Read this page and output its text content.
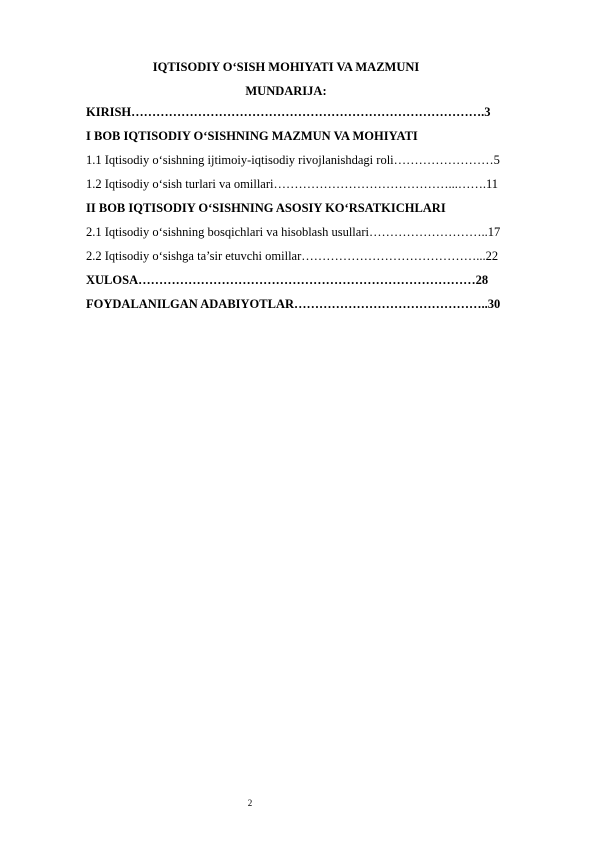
IQTISODIY O‘SISH MOHIYATI VA MAZMUNI
MUNDARIJA:
KIRISH………………………………………………………………………….3
I BOB IQTISODIY O‘SISHNING MAZMUN VA MOHIYATI
1.1 Iqtisodiy o‘sishning ijtimoiy-iqtisodiy rivojlanishdagi roli……………………5
1.2 Iqtisodiy o‘sish turlari va omillari……………………………………...…….11
II BOB IQTISODIY O‘SISHNING ASOSIY KO‘RSATKICHLARI
2.1 Iqtisodiy o‘sishning bosqichlari va hisoblash usullari………………………..17
2.2 Iqtisodiy o‘sishga ta’sir etuvchi omillar……………………………………...22
XULOSA………………………………………………………………………28
FOYDALANILGAN ADABIYOTLAR………………………………………..30
2
